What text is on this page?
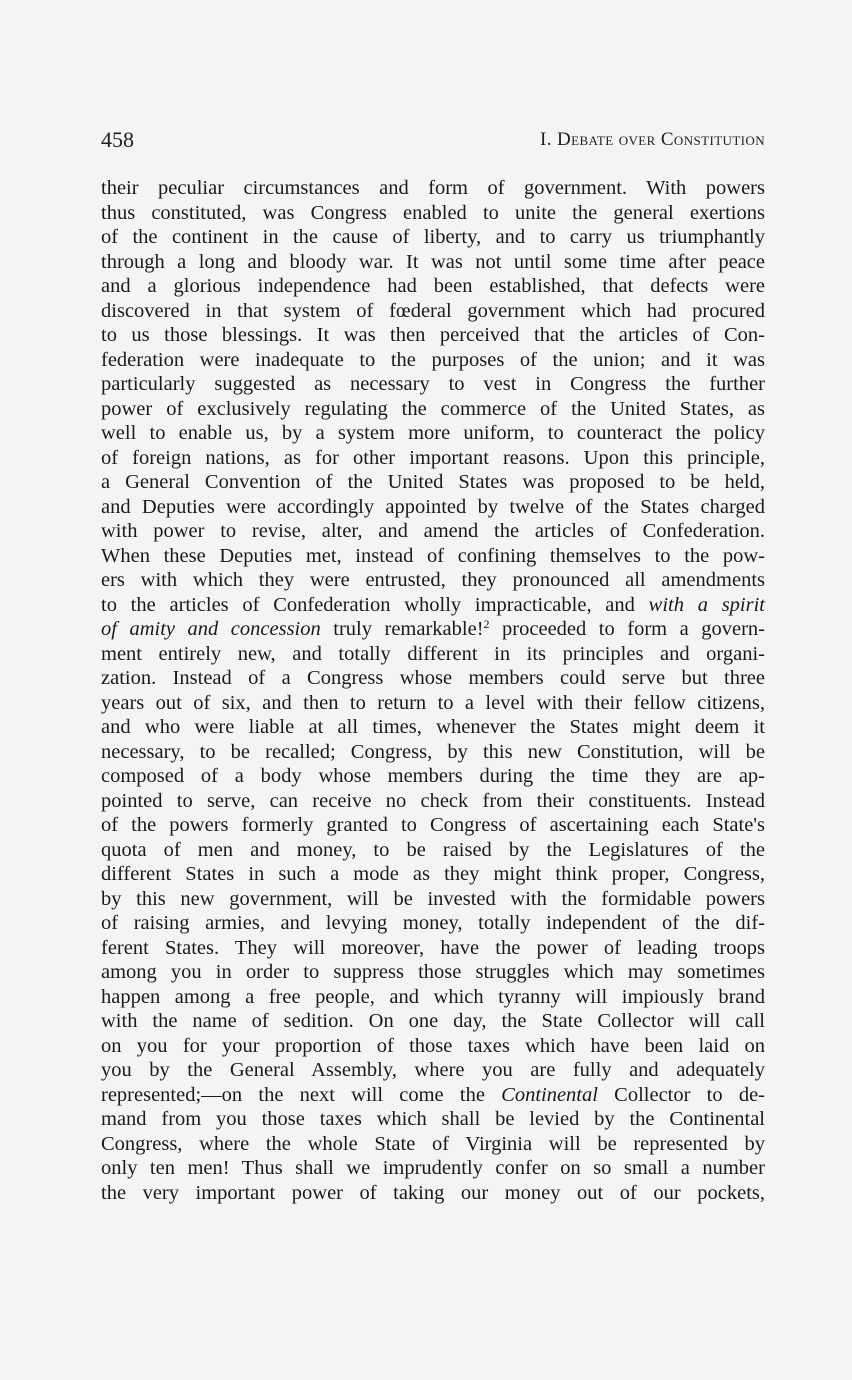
458	I. Debate over Constitution
their peculiar circumstances and form of government. With powers
thus constituted, was Congress enabled to unite the general exertions
of the continent in the cause of liberty, and to carry us triumphantly
through a long and bloody war. It was not until some time after peace
and a glorious independence had been established, that defects were
discovered in that system of fœderal government which had procured
to us those blessings. It was then perceived that the articles of Con-
federation were inadequate to the purposes of the union; and it was
particularly suggested as necessary to vest in Congress the further
power of exclusively regulating the commerce of the United States, as
well to enable us, by a system more uniform, to counteract the policy
of foreign nations, as for other important reasons. Upon this principle,
a General Convention of the United States was proposed to be held,
and Deputies were accordingly appointed by twelve of the States charged
with power to revise, alter, and amend the articles of Confederation.
When these Deputies met, instead of confining themselves to the pow-
ers with which they were entrusted, they pronounced all amendments
to the articles of Confederation wholly impracticable, and with a spirit
of amity and concession truly remarkable!$^2$ proceeded to form a govern-
ment entirely new, and totally different in its principles and organi-
zation. Instead of a Congress whose members could serve but three
years out of six, and then to return to a level with their fellow citizens,
and who were liable at all times, whenever the States might deem it
necessary, to be recalled; Congress, by this new Constitution, will be
composed of a body whose members during the time they are ap-
pointed to serve, can receive no check from their constituents. Instead
of the powers formerly granted to Congress of ascertaining each State's
quota of men and money, to be raised by the Legislatures of the
different States in such a mode as they might think proper, Congress,
by this new government, will be invested with the formidable powers
of raising armies, and levying money, totally independent of the dif-
ferent States. They will moreover, have the power of leading troops
among you in order to suppress those struggles which may sometimes
happen among a free people, and which tyranny will impiously brand
with the name of sedition. On one day, the State Collector will call
on you for your proportion of those taxes which have been laid on
you by the General Assembly, where you are fully and adequately
represented;—on the next will come the Continental Collector to de-
mand from you those taxes which shall be levied by the Continental
Congress, where the whole State of Virginia will be represented by
only ten men! Thus shall we imprudently confer on so small a number
the very important power of taking our money out of our pockets,
